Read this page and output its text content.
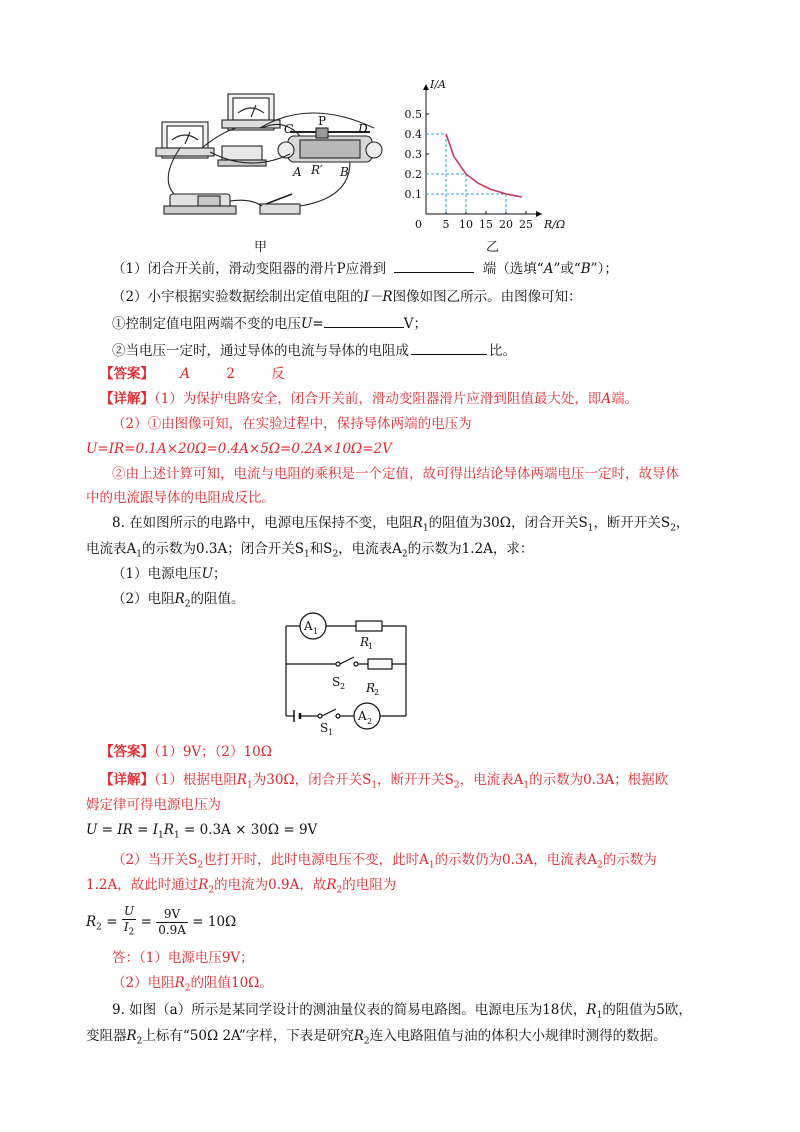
C
P
D
A R′ B
甲
5 10 15 20 25
0.1
0.2
0.3
0.4
0.5
0
I/A
R/Ω
乙
（1）闭合开关前，滑动变阻器的滑片P应滑到	端（选填“A”或“B”）；
（2）小宇根据实验数据绘制出定值电阻的I－R图像如图乙所示。由图像可知：
①控制定值电阻两端不变的电压U=	V；
②当电压一定时，通过导体的电流与导体的电阻成	比。
【答案】 A	2	反
【详解】（1）为保护电路安全，闭合开关前，滑动变阻器滑片应滑到阻值最大处，即A端。
（2）①由图像可知，在实验过程中，保持导体两端的电压为
U=IR=0.1A×20Ω=0.4A×5Ω=0.2A×10Ω=2V
②由上述计算可知，电流与电阻的乘积是一个定值，故可得出结论导体两端电压一定时，故导体
中的电流跟导体的电阻成反比。
8. 在如图所示的电路中，电源电压保持不变，电阻$R_1$的阻值为30Ω，闭合开关$S_1$，断开开关$S_2$，
电流表$A_1$的示数为0.3A；闭合开关$S_1$和$S_2$，电流表$A_2$的示数为1.2A，求：
（1）电源电压U；
（2）电阻$R_2$的阻值。
A 1
R
1
S 2 R
2
S 1
A 2
【答案】（1）9V；（2）10Ω
【详解】（1）根据电阻$R_1$为30Ω，闭合开关$S_1$，断开开关$S_2$，电流表$A_1$的示数为0.3A；根据欧
姆定律可得电源电压为
U = IR = $I_1R_1 = 0.3A \times 30\Omega = 9V$
（2）当开关$S_2$也打开时，此时电源电压不变，此时$A_1$的示数仍为0.3A，电流表$A_2$的示数为
1.2A，故此时通过$R_2$的电流为0.9A，故$R_2$的电阻为
$R_2 = \frac{U}{I_2} = \frac{9V}{0.9A} = 10\Omega$
答：（1）电源电压9V；
（2）电阻$R_2$的阻值10Ω。
9. 如图（a）所示是某同学设计的测油量仪表的简易电路图。电源电压为18伏，$R_1$的阻值为5欧，
变阻器$R_2$上标有“50Ω 2A”字样，下表是研究$R_2$连入电路阻值与油的体积大小规律时测得的数据。
